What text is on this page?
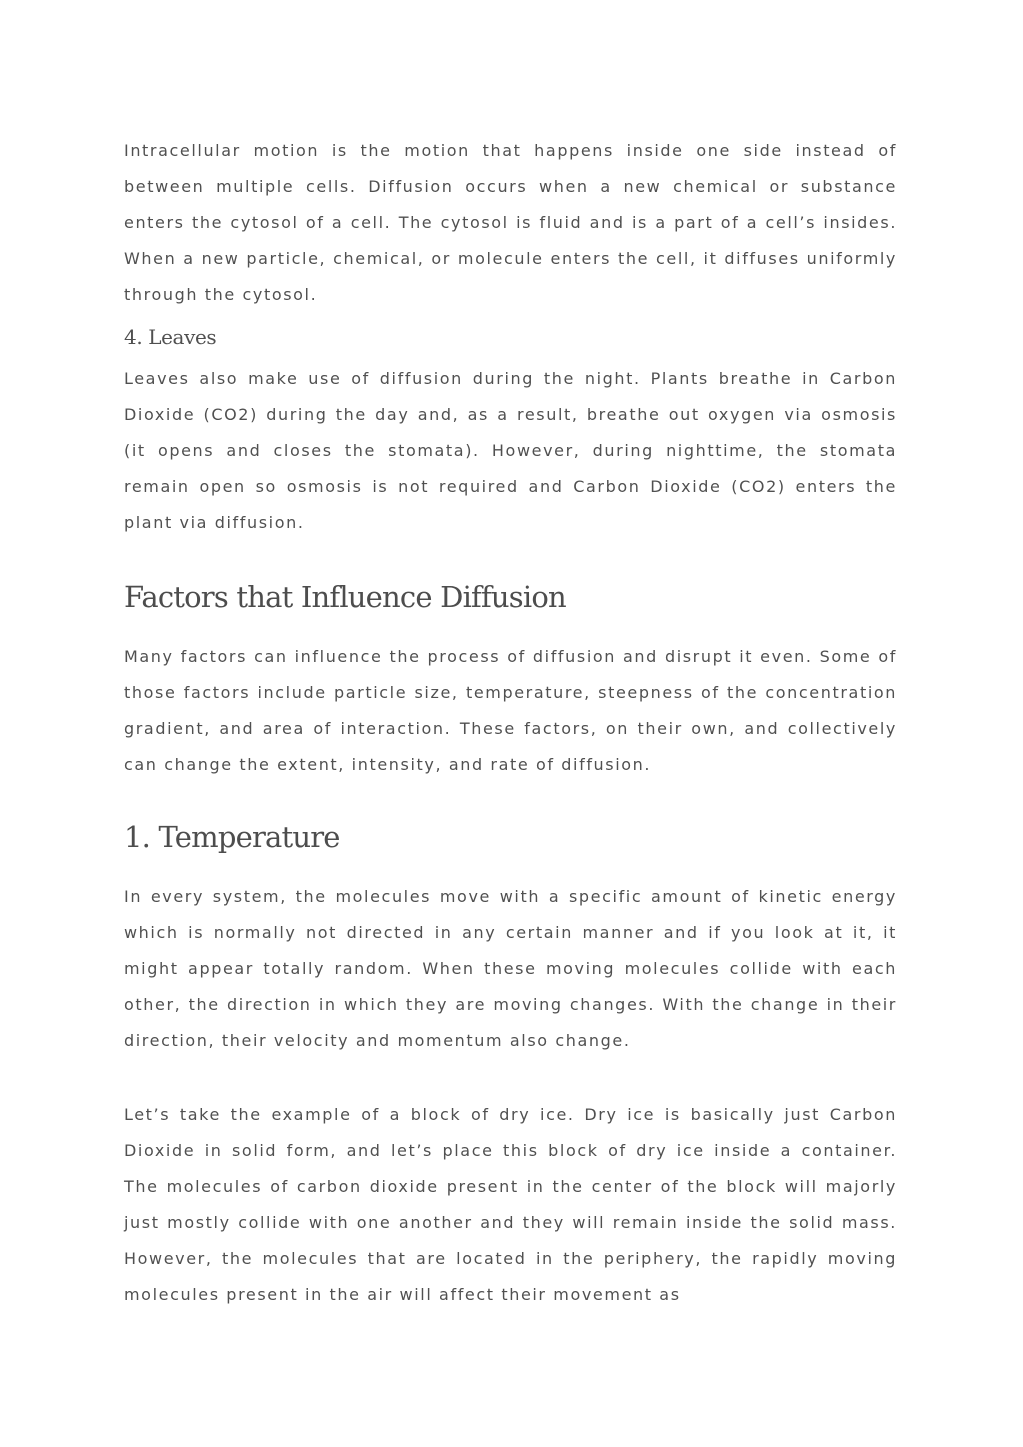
Intracellular motion is the motion that happens inside one side instead of between multiple cells. Diffusion occurs when a new chemical or substance enters the cytosol of a cell. The cytosol is fluid and is a part of a cell’s insides. When a new particle, chemical, or molecule enters the cell, it diffuses uniformly through the cytosol.

4. Leaves

Leaves also make use of diffusion during the night. Plants breathe in Carbon Dioxide (CO2) during the day and, as a result, breathe out oxygen via osmosis (it opens and closes the stomata). However, during nighttime, the stomata remain open so osmosis is not required and Carbon Dioxide (CO2) enters the plant via diffusion.

Factors that Influence Diffusion

Many factors can influence the process of diffusion and disrupt it even. Some of those factors include particle size, temperature, steepness of the concentration gradient, and area of interaction. These factors, on their own, and collectively can change the extent, intensity, and rate of diffusion.

1. Temperature

In every system, the molecules move with a specific amount of kinetic energy which is normally not directed in any certain manner and if you look at it, it might appear totally random. When these moving molecules collide with each other, the direction in which they are moving changes. With the change in their direction, their velocity and momentum also change.

Let’s take the example of a block of dry ice. Dry ice is basically just Carbon Dioxide in solid form, and let’s place this block of dry ice inside a container. The molecules of carbon dioxide present in the center of the block will majorly just mostly collide with one another and they will remain inside the solid mass. However, the molecules that are located in the periphery, the rapidly moving molecules present in the air will affect their movement as
